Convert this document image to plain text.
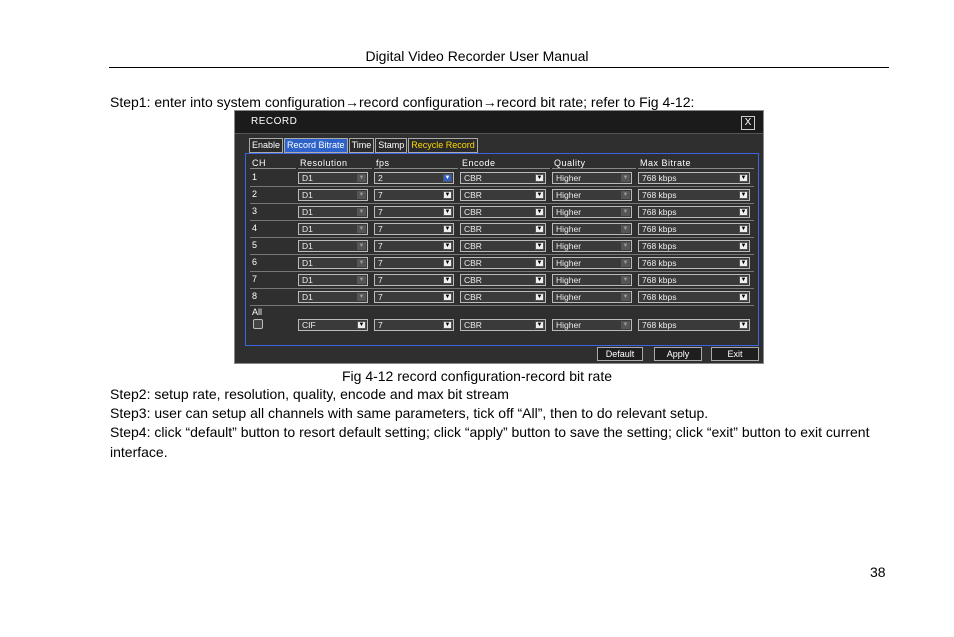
Digital Video Recorder User Manual
Step1: enter into system configuration→record configuration→record bit rate; refer to Fig 4-12:
RECORD	X
Enable Record Bitrate Time Stamp Recycle Record
CH	Resolution	fps	Encode	Quality	Max Bitrate
1	D1	▼	2	▼	CBR	▼	Higher	▼	768 kbps	▼
2	D1	▼	7	▼	CBR	▼	Higher	▼	768 kbps	▼
3	D1	▼	7	▼	CBR	▼	Higher	▼	768 kbps	▼
4	D1	▼	7	▼	CBR	▼	Higher	▼	768 kbps	▼
5	D1	▼	7	▼	CBR	▼	Higher	▼	768 kbps	▼
6	D1	▼	7	▼	CBR	▼	Higher	▼	768 kbps	▼
7	D1	▼	7	▼	CBR	▼	Higher	▼	768 kbps	▼
8	D1	▼	7	▼	CBR	▼	Higher	▼	768 kbps	▼
All
CIF	▼	7	▼	CBR	▼	Higher	▼	768 kbps	▼
Default	Apply	Exit
Fig 4-12 record configuration-record bit rate
Step2: setup rate, resolution, quality, encode and max bit stream
Step3: user can setup all channels with same parameters, tick off “All”, then to do relevant setup.
Step4: click “default” button to resort default setting; click “apply” button to save the setting; click “exit” button to exit current interface.
38
